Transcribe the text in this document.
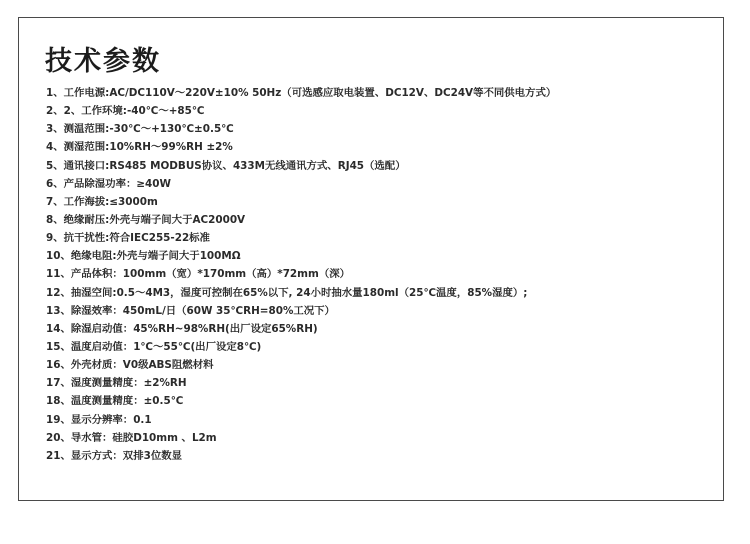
技术参数
1、工作电源:AC/DC110V～220V±10% 50Hz（可选感应取电装置、DC12V、DC24V等不同供电方式）
2、2、工作环境:-40℃～+85℃
3、测温范围:-30℃～+130℃±0.5℃
4、测湿范围:10%RH～99%RH ±2%
5、通讯接口:RS485 MODBUS协议、433M无线通讯方式、RJ45（选配）
6、产品除湿功率：≥40W
7、工作海拔:≤3000m
8、绝缘耐压:外壳与端子间大于AC2000V
9、抗干扰性:符合IEC255-22标准
10、绝缘电阻:外壳与端子间大于100MΩ
11、产品体积：100mm（宽）*170mm（高）*72mm（深）
12、抽湿空间:0.5～4M3，湿度可控制在65%以下, 24小时抽水量180ml（25℃温度，85%湿度）;
13、除湿效率：450mL/日（60W 35℃RH=80%工况下）
14、除湿启动值：45%RH~98%RH(出厂设定65%RH)
15、温度启动值：1℃～55℃(出厂设定8℃)
16、外壳材质：V0级ABS阻燃材料
17、湿度测量精度：±2%RH
18、温度测量精度：±0.5℃
19、显示分辨率：0.1
20、导水管：硅胶D10mm 、L2m
21、显示方式：双排3位数显
